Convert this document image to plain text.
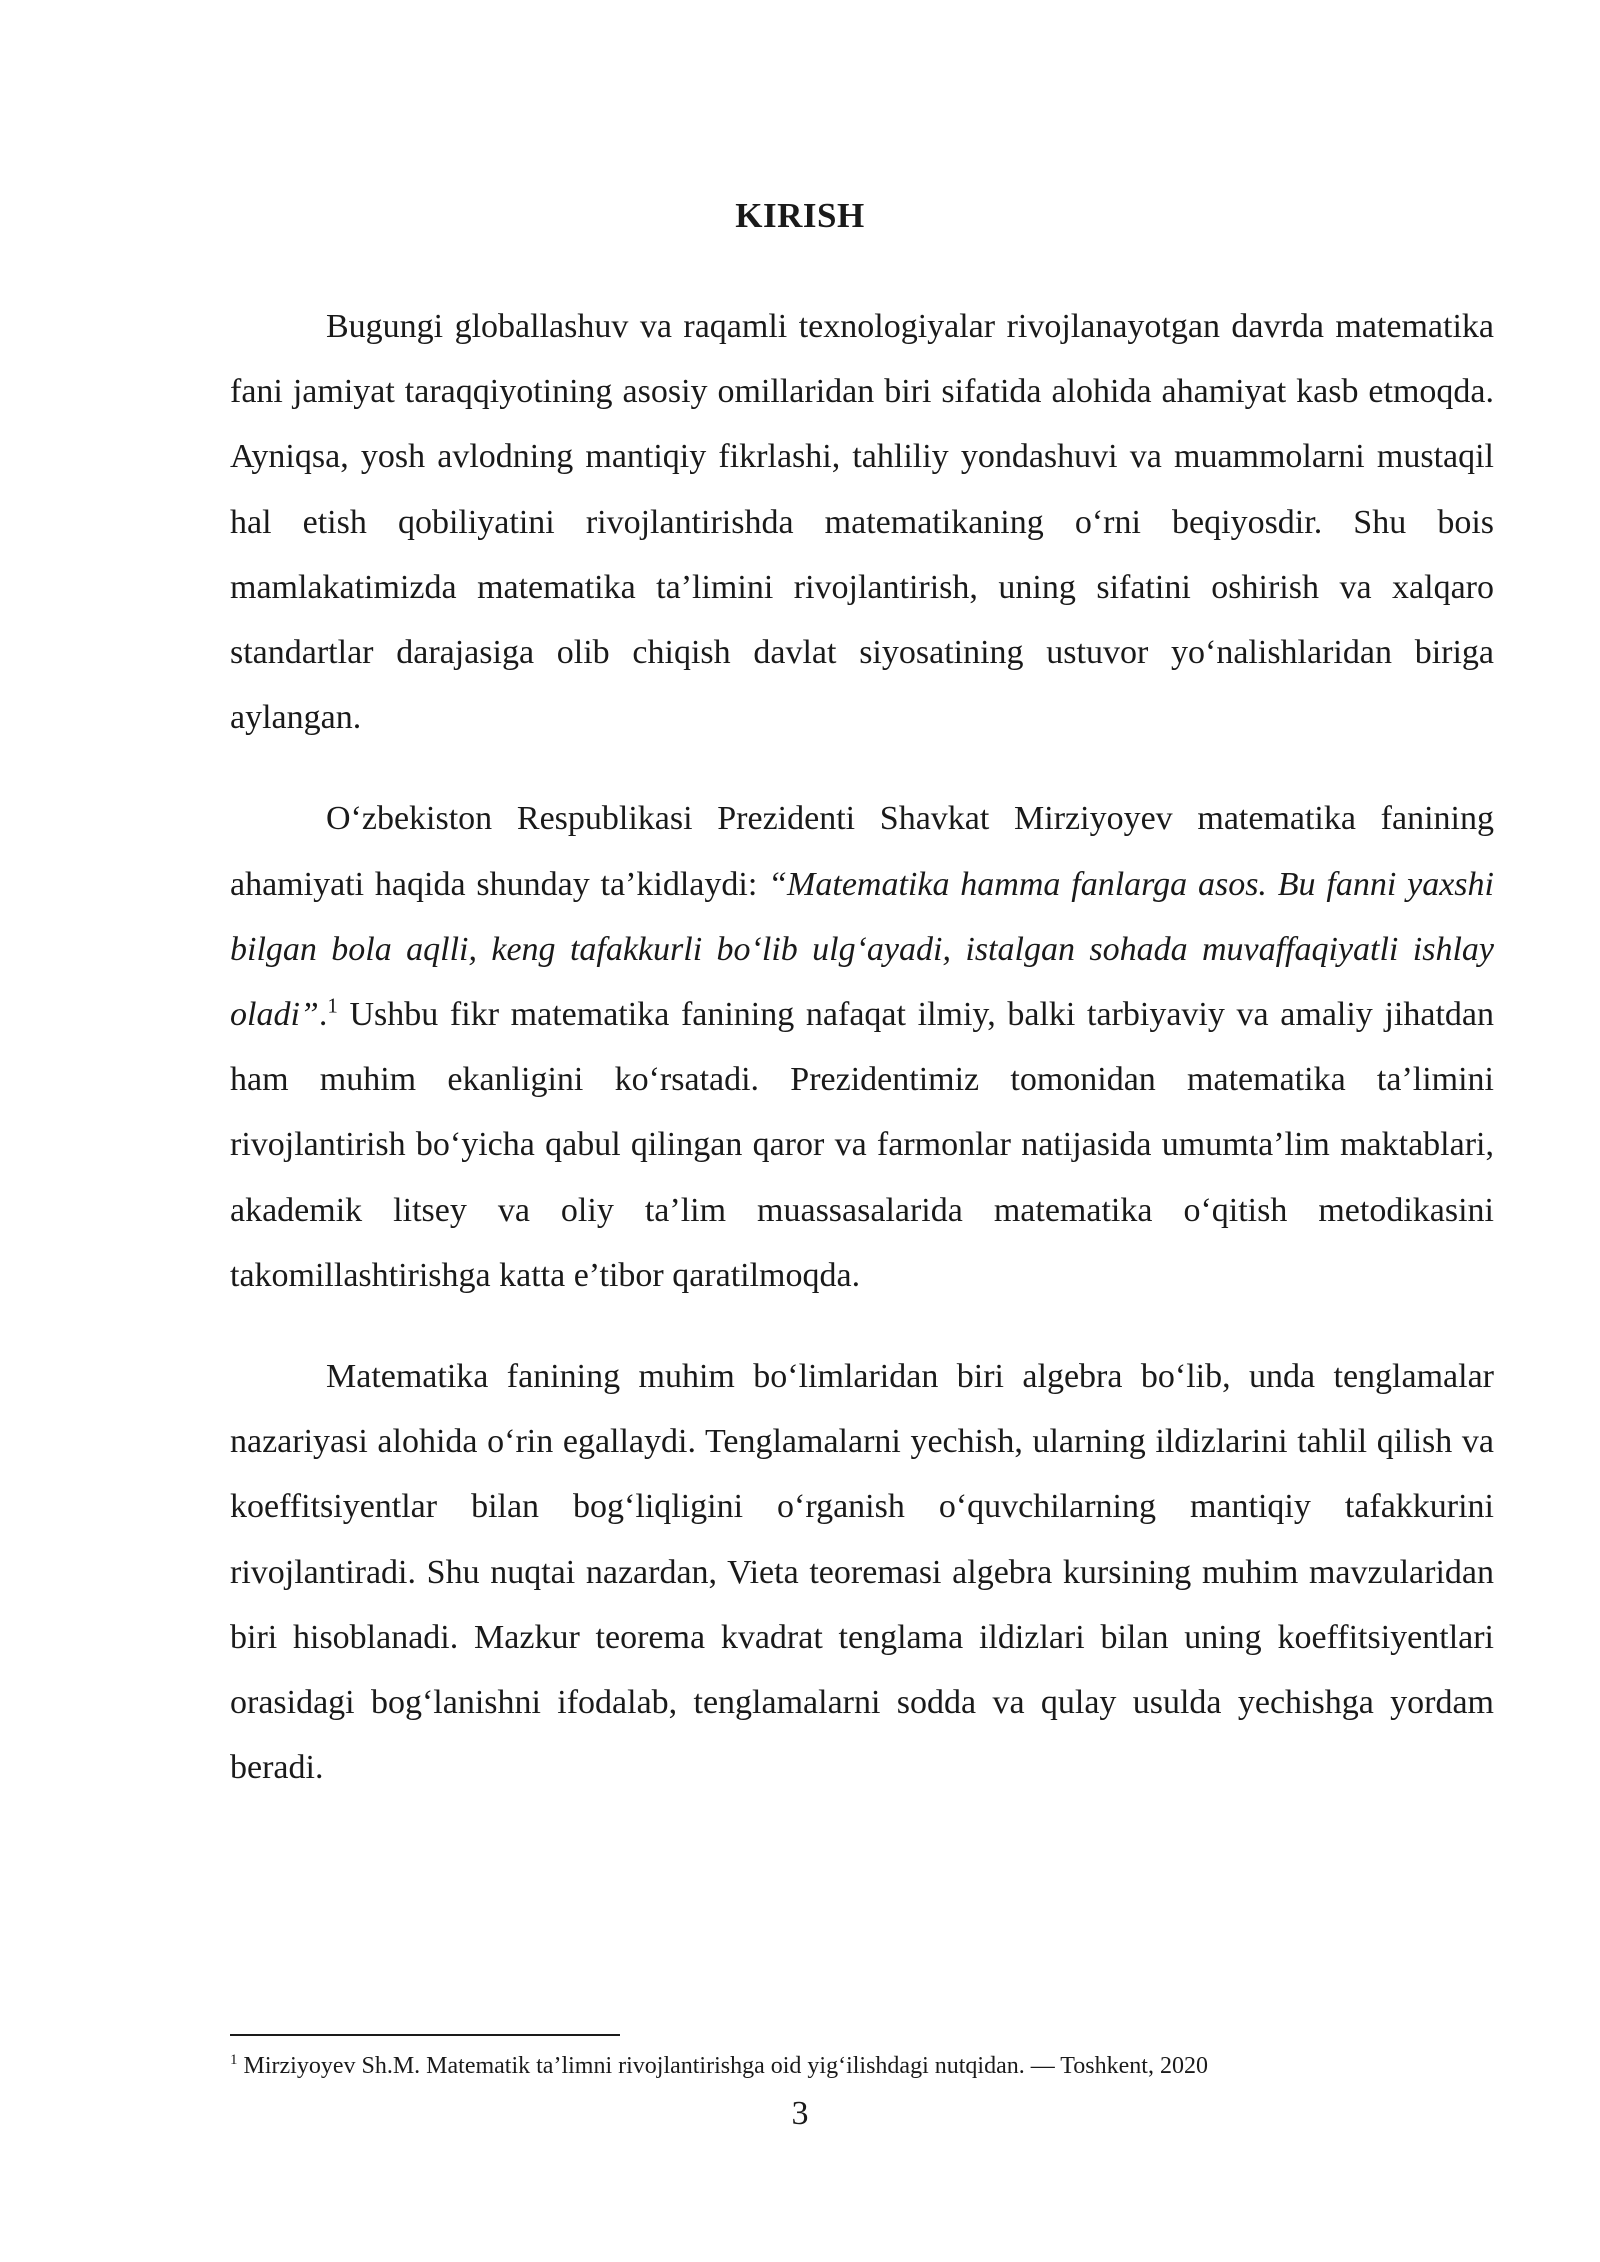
KIRISH

Bugungi globallashuv va raqamli texnologiyalar rivojlanayotgan davrda matematika fani jamiyat taraqqiyotining asosiy omillaridan biri sifatida alohida ahamiyat kasb etmoqda. Ayniqsa, yosh avlodning mantiqiy fikrlashi, tahliliy yondashuvi va muammolarni mustaqil hal etish qobiliyatini rivojlantirishda matematikaning o‘rni beqiyosdir. Shu bois mamlakatimizda matematika ta’limini rivojlantirish, uning sifatini oshirish va xalqaro standartlar darajasiga olib chiqish davlat siyosatining ustuvor yo‘nalishlaridan biriga aylangan.

O‘zbekiston Respublikasi Prezidenti Shavkat Mirziyoyev matematika fanining ahamiyati haqida shunday ta’kidlaydi: “Matematika hamma fanlarga asos. Bu fanni yaxshi bilgan bola aqlli, keng tafakkurli bo‘lib ulg‘ayadi, istalgan sohada muvaffaqiyatli ishlay oladi”.$^1$ Ushbu fikr matematika fanining nafaqat ilmiy, balki tarbiyaviy va amaliy jihatdan ham muhim ekanligini ko‘rsatadi. Prezidentimiz tomonidan matematika ta’limini rivojlantirish bo‘yicha qabul qilingan qaror va farmonlar natijasida umumta’lim maktablari, akademik litsey va oliy ta’lim muassasalarida matematika o‘qitish metodikasini takomillashtirishga katta e’tibor qaratilmoqda.

Matematika fanining muhim bo‘limlaridan biri algebra bo‘lib, unda tenglamalar nazariyasi alohida o‘rin egallaydi. Tenglamalarni yechish, ularning ildizlarini tahlil qilish va koeffitsiyentlar bilan bog‘liqligini o‘rganish o‘quvchilarning mantiqiy tafakkurini rivojlantiradi. Shu nuqtai nazardan, Vieta teoremasi algebra kursining muhim mavzularidan biri hisoblanadi. Mazkur teorema kvadrat tenglama ildizlari bilan uning koeffitsiyentlari orasidagi bog‘lanishni ifodalab, tenglamalarni sodda va qulay usulda yechishga yordam beradi.

$^1$ Mirziyoyev Sh.M. Matematik ta’limni rivojlantirishga oid yig‘ilishdagi nutqidan. — Toshkent, 2020
3
